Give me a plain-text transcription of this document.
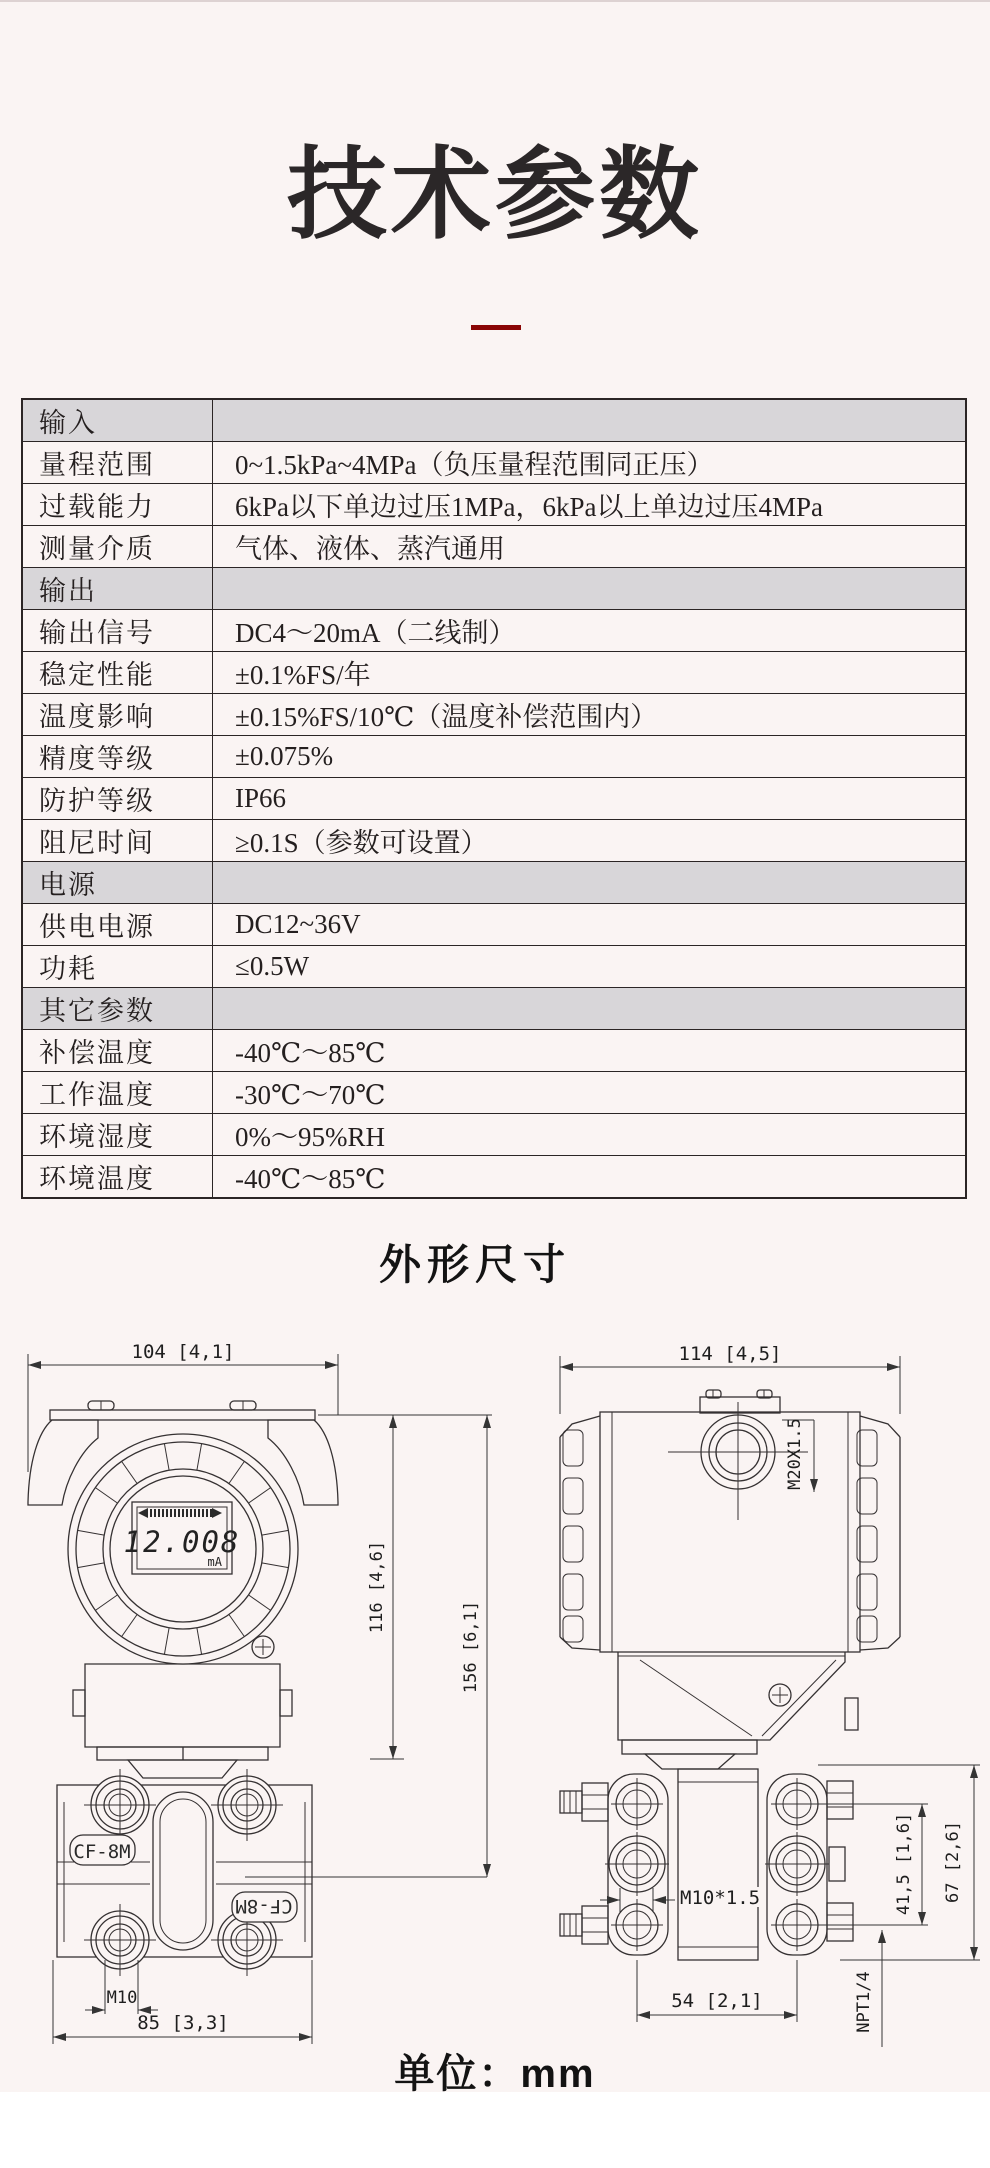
技术参数
输入	
量程范围	0~1.5kPa~4MPa（负压量程范围同正压）
过载能力	6kPa以下单边过压1MPa，6kPa以上单边过压4MPa
测量介质	气体、液体、蒸汽通用
输出	
输出信号	DC4～20mA（二线制）
稳定性能	±0.1%FS/年
温度影响	±0.15%FS/10℃（温度补偿范围内）
精度等级	±0.075%
防护等级	IP66
阻尼时间	≥0.1S（参数可设置）
电源	
供电电源	DC12~36V
功耗	≤0.5W
其它参数	
补偿温度	-40℃～85℃
工作温度	-30℃～70℃
环境湿度	0%～95%RH
环境温度	-40℃～85℃
外形尺寸
104 [4,1]
116 [4,6]
156 [6,1]
12.008
mA
CF-8M
CF-8M
M10
85 [3,3]
114 [4,5]
M20X1.5
M10*1.5	41,5 [1,6] 67 [2,6]
54 [2,1]	NPT1/4
单位：mm
